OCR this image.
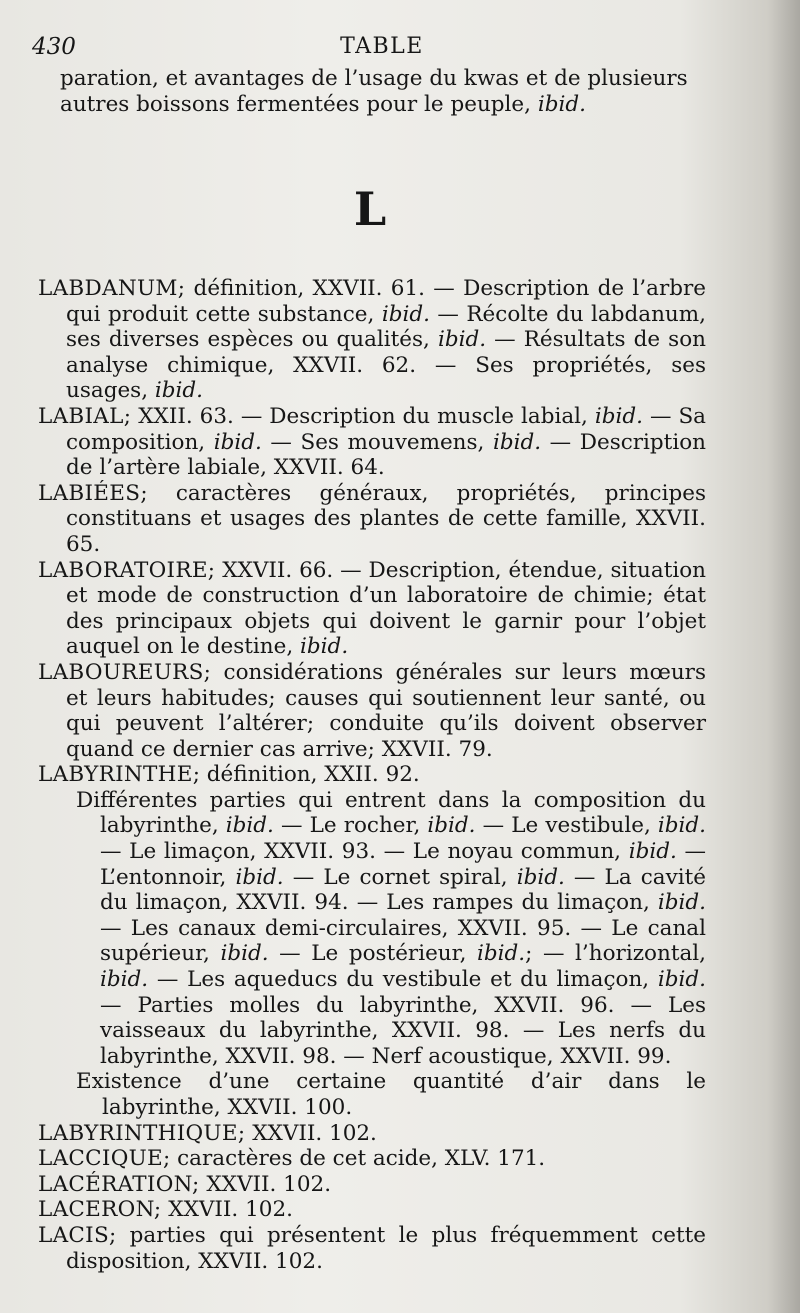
430	TABLE
paration, et avantages de l’usage du kwas et de plusieurs autres boissons fermentées pour le peuple, ibid.
L

LABDANUM; définition, XXVII. 61. — Description de l’arbre qui produit cette substance, ibid. — Récolte du labdanum, ses diverses espèces ou qualités, ibid. — Résultats de son analyse chimique, XXVII. 62. — Ses propriétés, ses usages, ibid.

LABIAL; XXII. 63. — Description du muscle labial, ibid. — Sa composition, ibid. — Ses mouvemens, ibid. — Description de l’artère labiale, XXVII. 64.

LABIÉES; caractères généraux, propriétés, principes constituans et usages des plantes de cette famille, XXVII. 65.

LABORATOIRE; XXVII. 66. — Description, étendue, situation et mode de construction d’un laboratoire de chimie; état des principaux objets qui doivent le garnir pour l’objet auquel on le destine, ibid.

LABOUREURS; considérations générales sur leurs mœurs et leurs habitudes; causes qui soutiennent leur santé, ou qui peuvent l’altérer; conduite qu’ils doivent observer quand ce dernier cas arrive; XXVII. 79.

LABYRINTHE; définition, XXII. 92.

Différentes parties qui entrent dans la composition du labyrinthe, ibid. — Le rocher, ibid. — Le vestibule, ibid. — Le limaçon, XXVII. 93. — Le noyau commun, ibid. — L’entonnoir, ibid. — Le cornet spiral, ibid. — La cavité du limaçon, XXVII. 94. — Les rampes du limaçon, ibid. — Les canaux demi-circulaires, XXVII. 95. — Le canal supérieur, ibid. — Le postérieur, ibid.; — l’horizontal, ibid. — Les aqueducs du vestibule et du limaçon, ibid. — Parties molles du labyrinthe, XXVII. 96. — Les vaisseaux du labyrinthe, XXVII. 98. — Les nerfs du labyrinthe, XXVII. 98. — Nerf acoustique, XXVII. 99.

Existence d’une certaine quantité d’air dans le labyrinthe, XXVII. 100.

LABYRINTHIQUE; XXVII. 102.

LACCIQUE; caractères de cet acide, XLV. 171.

LACÉRATION; XXVII. 102.

LACERON; XXVII. 102.

LACIS; parties qui présentent le plus fréquemment cette disposition, XXVII. 102.
